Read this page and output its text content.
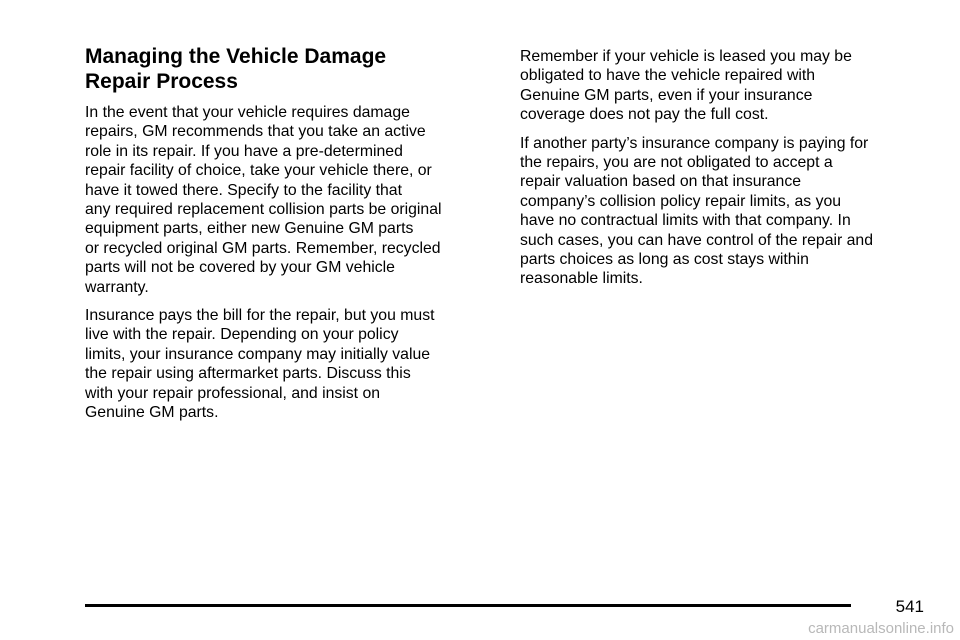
Managing the Vehicle Damage
Repair Process

In the event that your vehicle requires damage
repairs, GM recommends that you take an active
role in its repair. If you have a pre-determined
repair facility of choice, take your vehicle there, or
have it towed there. Specify to the facility that
any required replacement collision parts be original
equipment parts, either new Genuine GM parts
or recycled original GM parts. Remember, recycled
parts will not be covered by your GM vehicle
warranty.

Insurance pays the bill for the repair, but you must
live with the repair. Depending on your policy
limits, your insurance company may initially value
the repair using aftermarket parts. Discuss this
with your repair professional, and insist on
Genuine GM parts.

Remember if your vehicle is leased you may be
obligated to have the vehicle repaired with
Genuine GM parts, even if your insurance
coverage does not pay the full cost.

If another party’s insurance company is paying for
the repairs, you are not obligated to accept a
repair valuation based on that insurance
company’s collision policy repair limits, as you
have no contractual limits with that company. In
such cases, you can have control of the repair and
parts choices as long as cost stays within
reasonable limits.

541
carmanualsonline.info
